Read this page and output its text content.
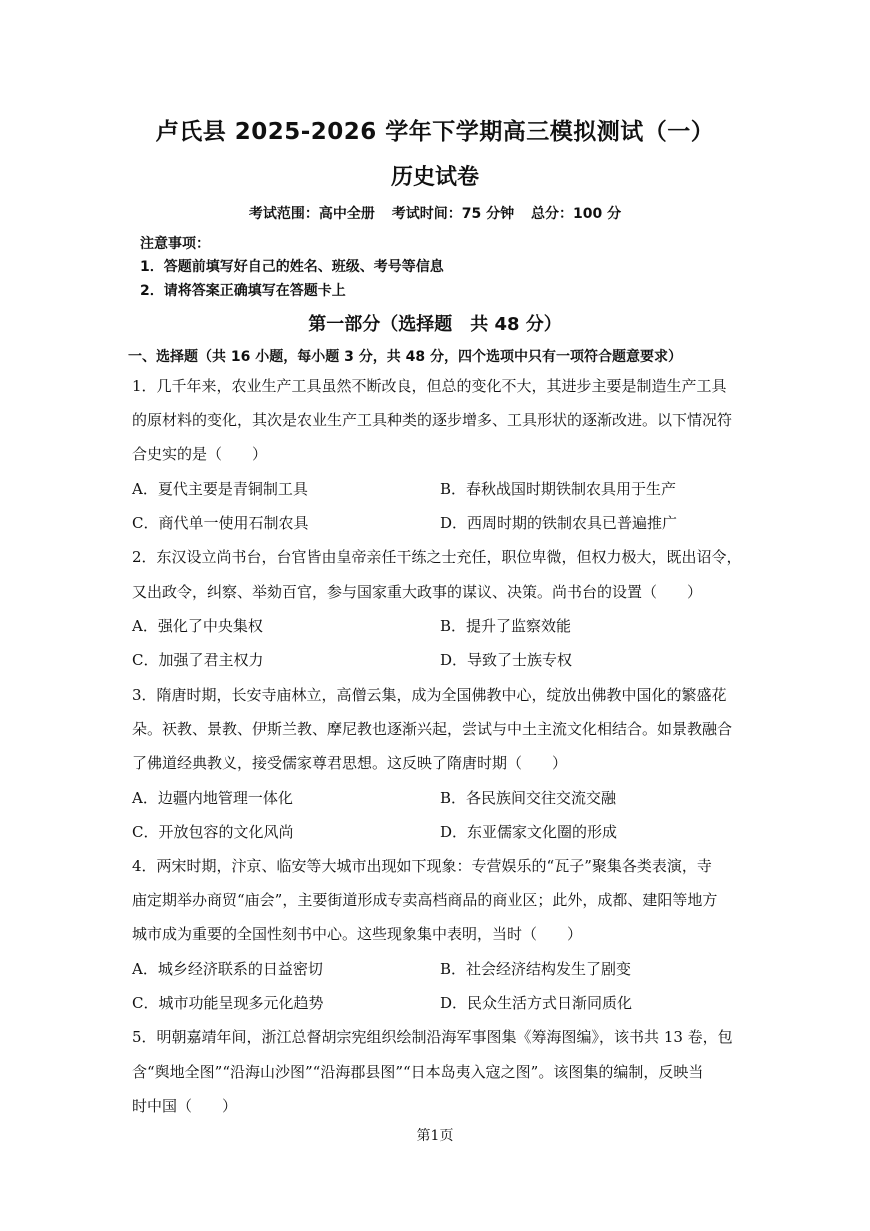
卢氏县 2025-2026 学年下学期高三模拟测试（一）
历史试卷
考试范围：高中全册 考试时间：75 分钟 总分：100 分
注意事项：
1．答题前填写好自己的姓名、班级、考号等信息
2．请将答案正确填写在答题卡上
第一部分（选择题　共 48 分）
一、选择题（共 16 小题，每小题 3 分，共 48 分，四个选项中只有一项符合题意要求）
1．几千年来，农业生产工具虽然不断改良，但总的变化不大，其进步主要是制造生产工具
的原材料的变化，其次是农业生产工具种类的逐步增多、工具形状的逐渐改进。以下情况符
合史实的是（　　）
A．夏代主要是青铜制工具	B．春秋战国时期铁制农具用于生产
C．商代单一使用石制农具	D．西周时期的铁制农具已普遍推广
2．东汉设立尚书台，台官皆由皇帝亲任干练之士充任，职位卑微，但权力极大，既出诏令，
又出政令，纠察、举劾百官，参与国家重大政事的谋议、决策。尚书台的设置（　　）
A．强化了中央集权	B．提升了监察效能
C．加强了君主权力	D．导致了士族专权
3．隋唐时期，长安寺庙林立，高僧云集，成为全国佛教中心，绽放出佛教中国化的繁盛花
朵。祆教、景教、伊斯兰教、摩尼教也逐渐兴起，尝试与中土主流文化相结合。如景教融合
了佛道经典教义，接受儒家尊君思想。这反映了隋唐时期（　　）
A．边疆内地管理一体化	B．各民族间交往交流交融
C．开放包容的文化风尚	D．东亚儒家文化圈的形成
4．两宋时期，汴京、临安等大城市出现如下现象：专营娱乐的“瓦子”聚集各类表演，寺
庙定期举办商贸“庙会”，主要街道形成专卖高档商品的商业区；此外，成都、建阳等地方
城市成为重要的全国性刻书中心。这些现象集中表明，当时（　　）
A．城乡经济联系的日益密切	B．社会经济结构发生了剧变
C．城市功能呈现多元化趋势	D．民众生活方式日渐同质化
5．明朝嘉靖年间，浙江总督胡宗宪组织绘制沿海军事图集《筹海图编》，该书共 13 卷，包
含“舆地全图”“沿海山沙图”“沿海郡县图”“日本岛夷入寇之图”。该图集的编制，反映当
时中国（　　）
第1页
